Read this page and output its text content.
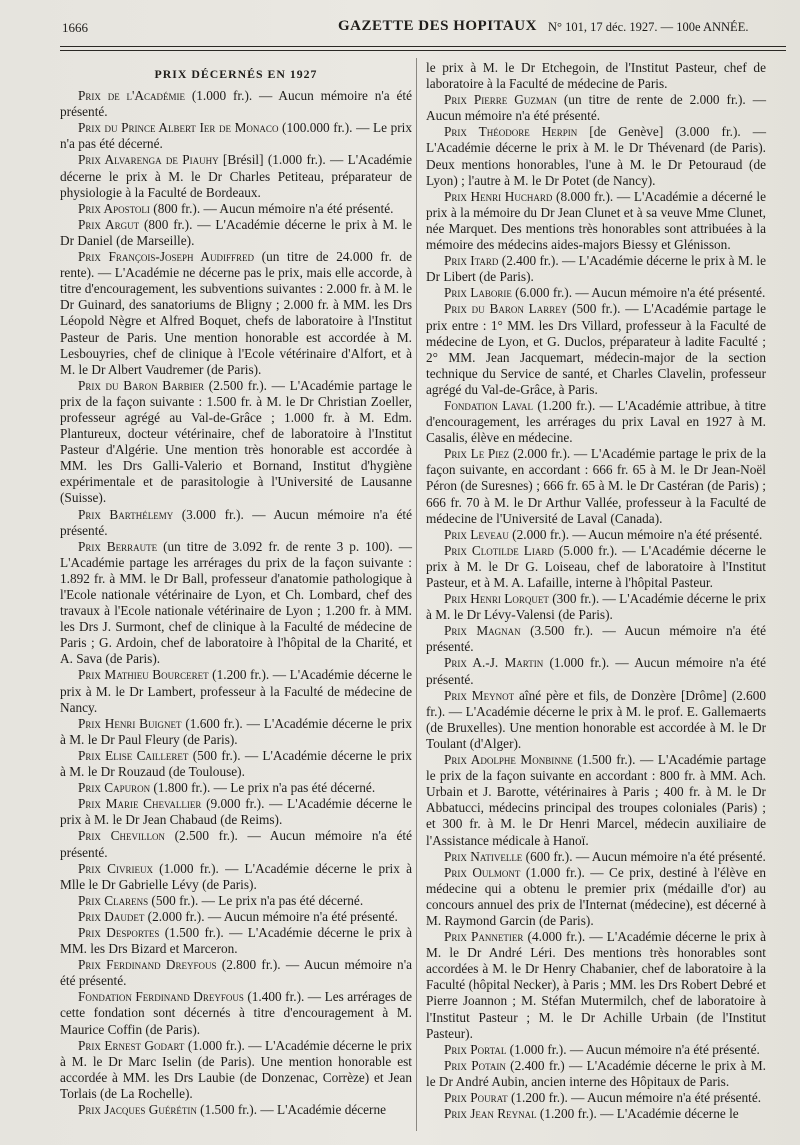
1666	GAZETTE DES HOPITAUX N° 101, 17 déc. 1927. — 100e ANNÉE.
PRIX DÉCERNÉS EN 1927

Prix de l'Académie (1.000 fr.). — Aucun mémoire n'a été présenté.

Prix du Prince Albert Ier de Monaco (100.000 fr.). — Le prix n'a pas été décerné.

Prix Alvarenga de Piauhy [Brésil] (1.000 fr.). — L'Académie décerne le prix à M. le Dr Charles Petiteau, préparateur de physiologie à la Faculté de Bordeaux.

Prix Apostoli (800 fr.). — Aucun mémoire n'a été présenté.

Prix Argut (800 fr.). — L'Académie décerne le prix à M. le Dr Daniel (de Marseille).

Prix François-Joseph Audiffred (un titre de 24.000 fr. de rente). — L'Académie ne décerne pas le prix, mais elle accorde, à titre d'encouragement, les subventions suivantes : 2.000 fr. à M. le Dr Guinard, des sanatoriums de Bligny ; 2.000 fr. à MM. les Drs Léopold Nègre et Alfred Boquet, chefs de laboratoire à l'Institut Pasteur de Paris. Une mention honorable est accordée à M. Lesbouyries, chef de clinique à l'Ecole vétérinaire d'Alfort, et à M. le Dr Albert Vaudremer (de Paris).

Prix du Baron Barbier (2.500 fr.). — L'Académie partage le prix de la façon suivante : 1.500 fr. à M. le Dr Christian Zoeller, professeur agrégé au Val-de-Grâce ; 1.000 fr. à M. Edm. Plantureux, docteur vétérinaire, chef de laboratoire à l'Institut Pasteur d'Algérie. Une mention très honorable est accordée à MM. les Drs Galli-Valerio et Bornand, Institut d'hygiène expérimentale et de parasitologie à l'Université de Lausanne (Suisse).

Prix Barthélemy (3.000 fr.). — Aucun mémoire n'a été présenté.

Prix Berraute (un titre de 3.092 fr. de rente 3 p. 100). — L'Académie partage les arrérages du prix de la façon suivante : 1.892 fr. à MM. le Dr Ball, professeur d'anatomie pathologique à l'Ecole nationale vétérinaire de Lyon, et Ch. Lombard, chef des travaux à l'Ecole nationale vétérinaire de Lyon ; 1.200 fr. à MM. les Drs J. Surmont, chef de clinique à la Faculté de médecine de Paris ; G. Ardoin, chef de laboratoire à l'hôpital de la Charité, et A. Sava (de Paris).

Prix Mathieu Bourceret (1.200 fr.). — L'Académie décerne le prix à M. le Dr Lambert, professeur à la Faculté de médecine de Nancy.

Prix Henri Buignet (1.600 fr.). — L'Académie décerne le prix à M. le Dr Paul Fleury (de Paris).

Prix Elise Cailleret (500 fr.). — L'Académie décerne le prix à M. le Dr Rouzaud (de Toulouse).

Prix Capuron (1.800 fr.). — Le prix n'a pas été décerné.

Prix Marie Chevallier (9.000 fr.). — L'Académie décerne le prix à M. le Dr Jean Chabaud (de Reims).

Prix Chevillon (2.500 fr.). — Aucun mémoire n'a été présenté.

Prix Civrieux (1.000 fr.). — L'Académie décerne le prix à Mlle le Dr Gabrielle Lévy (de Paris).

Prix Clarens (500 fr.). — Le prix n'a pas été décerné.

Prix Daudet (2.000 fr.). — Aucun mémoire n'a été présenté.

Prix Desportes (1.500 fr.). — L'Académie décerne le prix à MM. les Drs Bizard et Marceron.

Prix Ferdinand Dreyfous (2.800 fr.). — Aucun mémoire n'a été présenté.

Fondation Ferdinand Dreyfous (1.400 fr.). — Les arrérages de cette fondation sont décernés à titre d'encouragement à M. Maurice Coffin (de Paris).

Prix Ernest Godart (1.000 fr.). — L'Académie décerne le prix à M. le Dr Marc Iselin (de Paris). Une mention honorable est accordée à MM. les Drs Laubie (de Donzenac, Corrèze) et Jean Torlais (de La Rochelle).

Prix Jacques Guérétin (1.500 fr.). — L'Académie décerne

le prix à M. le Dr Etchegoin, de l'Institut Pasteur, chef de laboratoire à la Faculté de médecine de Paris.

Prix Pierre Guzman (un titre de rente de 2.000 fr.). — Aucun mémoire n'a été présenté.

Prix Théodore Herpin [de Genève] (3.000 fr.). — L'Académie décerne le prix à M. le Dr Thévenard (de Paris). Deux mentions honorables, l'une à M. le Dr Petouraud (de Lyon) ; l'autre à M. le Dr Potet (de Nancy).

Prix Henri Huchard (8.000 fr.). — L'Académie a décerné le prix à la mémoire du Dr Jean Clunet et à sa veuve Mme Clunet, née Marquet. Des mentions très honorables sont attribuées à la mémoire des médecins aides-majors Biessy et Glénisson.

Prix Itard (2.400 fr.). — L'Académie décerne le prix à M. le Dr Libert (de Paris).

Prix Laborie (6.000 fr.). — Aucun mémoire n'a été présenté.

Prix du Baron Larrey (500 fr.). — L'Académie partage le prix entre : 1° MM. les Drs Villard, professeur à la Faculté de médecine de Lyon, et G. Duclos, préparateur à ladite Faculté ; 2° MM. Jean Jacquemart, médecin-major de la section technique du Service de santé, et Charles Clavelin, professeur agrégé du Val-de-Grâce, à Paris.

Fondation Laval (1.200 fr.). — L'Académie attribue, à titre d'encouragement, les arrérages du prix Laval en 1927 à M. Casalis, élève en médecine.

Prix Le Piez (2.000 fr.). — L'Académie partage le prix de la façon suivante, en accordant : 666 fr. 65 à M. le Dr Jean-Noël Péron (de Suresnes) ; 666 fr. 65 à M. le Dr Castéran (de Paris) ; 666 fr. 70 à M. le Dr Arthur Vallée, professeur à la Faculté de médecine de l'Université de Laval (Canada).

Prix Leveau (2.000 fr.). — Aucun mémoire n'a été présenté.

Prix Clotilde Liard (5.000 fr.). — L'Académie décerne le prix à M. le Dr G. Loiseau, chef de laboratoire à l'Institut Pasteur, et à M. A. Lafaille, interne à l'hôpital Pasteur.

Prix Henri Lorquet (300 fr.). — L'Académie décerne le prix à M. le Dr Lévy-Valensi (de Paris).

Prix Magnan (3.500 fr.). — Aucun mémoire n'a été présenté.

Prix A.-J. Martin (1.000 fr.). — Aucun mémoire n'a été présenté.

Prix Meynot aîné père et fils, de Donzère [Drôme] (2.600 fr.). — L'Académie décerne le prix à M. le prof. E. Gallemaerts (de Bruxelles). Une mention honorable est accordée à M. le Dr Toulant (d'Alger).

Prix Adolphe Monbinne (1.500 fr.). — L'Académie partage le prix de la façon suivante en accordant : 800 fr. à MM. Ach. Urbain et J. Barotte, vétérinaires à Paris ; 400 fr. à M. le Dr Abbatucci, médecins principal des troupes coloniales (Paris) ; et 300 fr. à M. le Dr Henri Marcel, médecin auxiliaire de l'Assistance médicale à Hanoï.

Prix Nativelle (600 fr.). — Aucun mémoire n'a été présenté.

Prix Oulmont (1.000 fr.). — Ce prix, destiné à l'élève en médecine qui a obtenu le premier prix (médaille d'or) au concours annuel des prix de l'Internat (médecine), est décerné à M. Raymond Garcin (de Paris).

Prix Pannetier (4.000 fr.). — L'Académie décerne le prix à M. le Dr André Léri. Des mentions très honorables sont accordées à M. le Dr Henry Chabanier, chef de laboratoire à la Faculté (hôpital Necker), à Paris ; MM. les Drs Robert Debré et Pierre Joannon ; M. Stéfan Mutermilch, chef de laboratoire à l'Institut Pasteur ; M. le Dr Achille Urbain (de l'Institut Pasteur).

Prix Portal (1.000 fr.). — Aucun mémoire n'a été présenté.

Prix Potain (2.400 fr.) — L'Académie décerne le prix à M. le Dr André Aubin, ancien interne des Hôpitaux de Paris.

Prix Pourat (1.200 fr.). — Aucun mémoire n'a été présenté.

Prix Jean Reynal (1.200 fr.). — L'Académie décerne le
